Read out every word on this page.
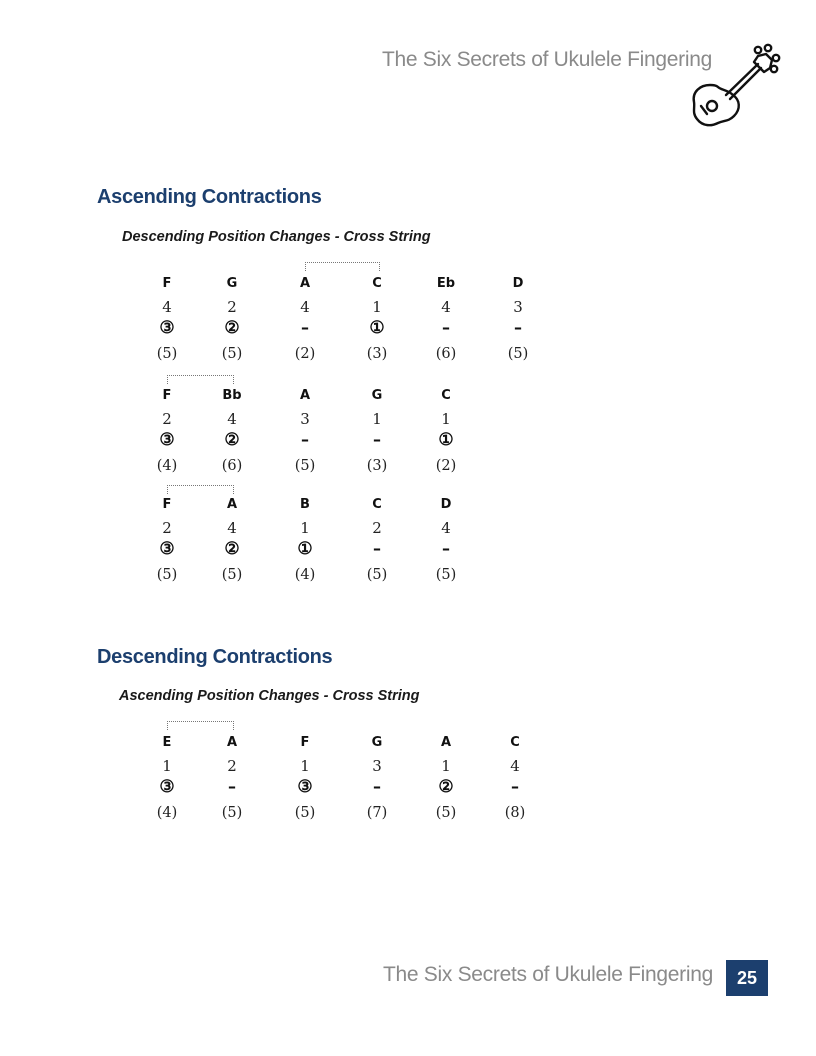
The Six Secrets of Ukulele Fingering
Ascending Contractions
Descending Position Changes - Cross String
F
4
③
(5)
G
2
②
(5)
A
4
–
(2)
C
1
①
(3)
Eb
4
–
(6)
D
3
–
(5)
F
2
③
(4)
Bb
4
②
(6)
A
3
–
(5)
G
1
–
(3)
C
1
①
(2)
F
2
③
(5)
A
4
②
(5)
B
1
①
(4)
C
2
–
(5)
D
4
–
(5)
Descending Contractions
Ascending Position Changes - Cross String
E
1
③
(4)
A
2
–
(5)
F
1
③
(5)
G
3
–
(7)
A
1
②
(5)
C
4
–
(8)
The Six Secrets of Ukulele Fingering	25
